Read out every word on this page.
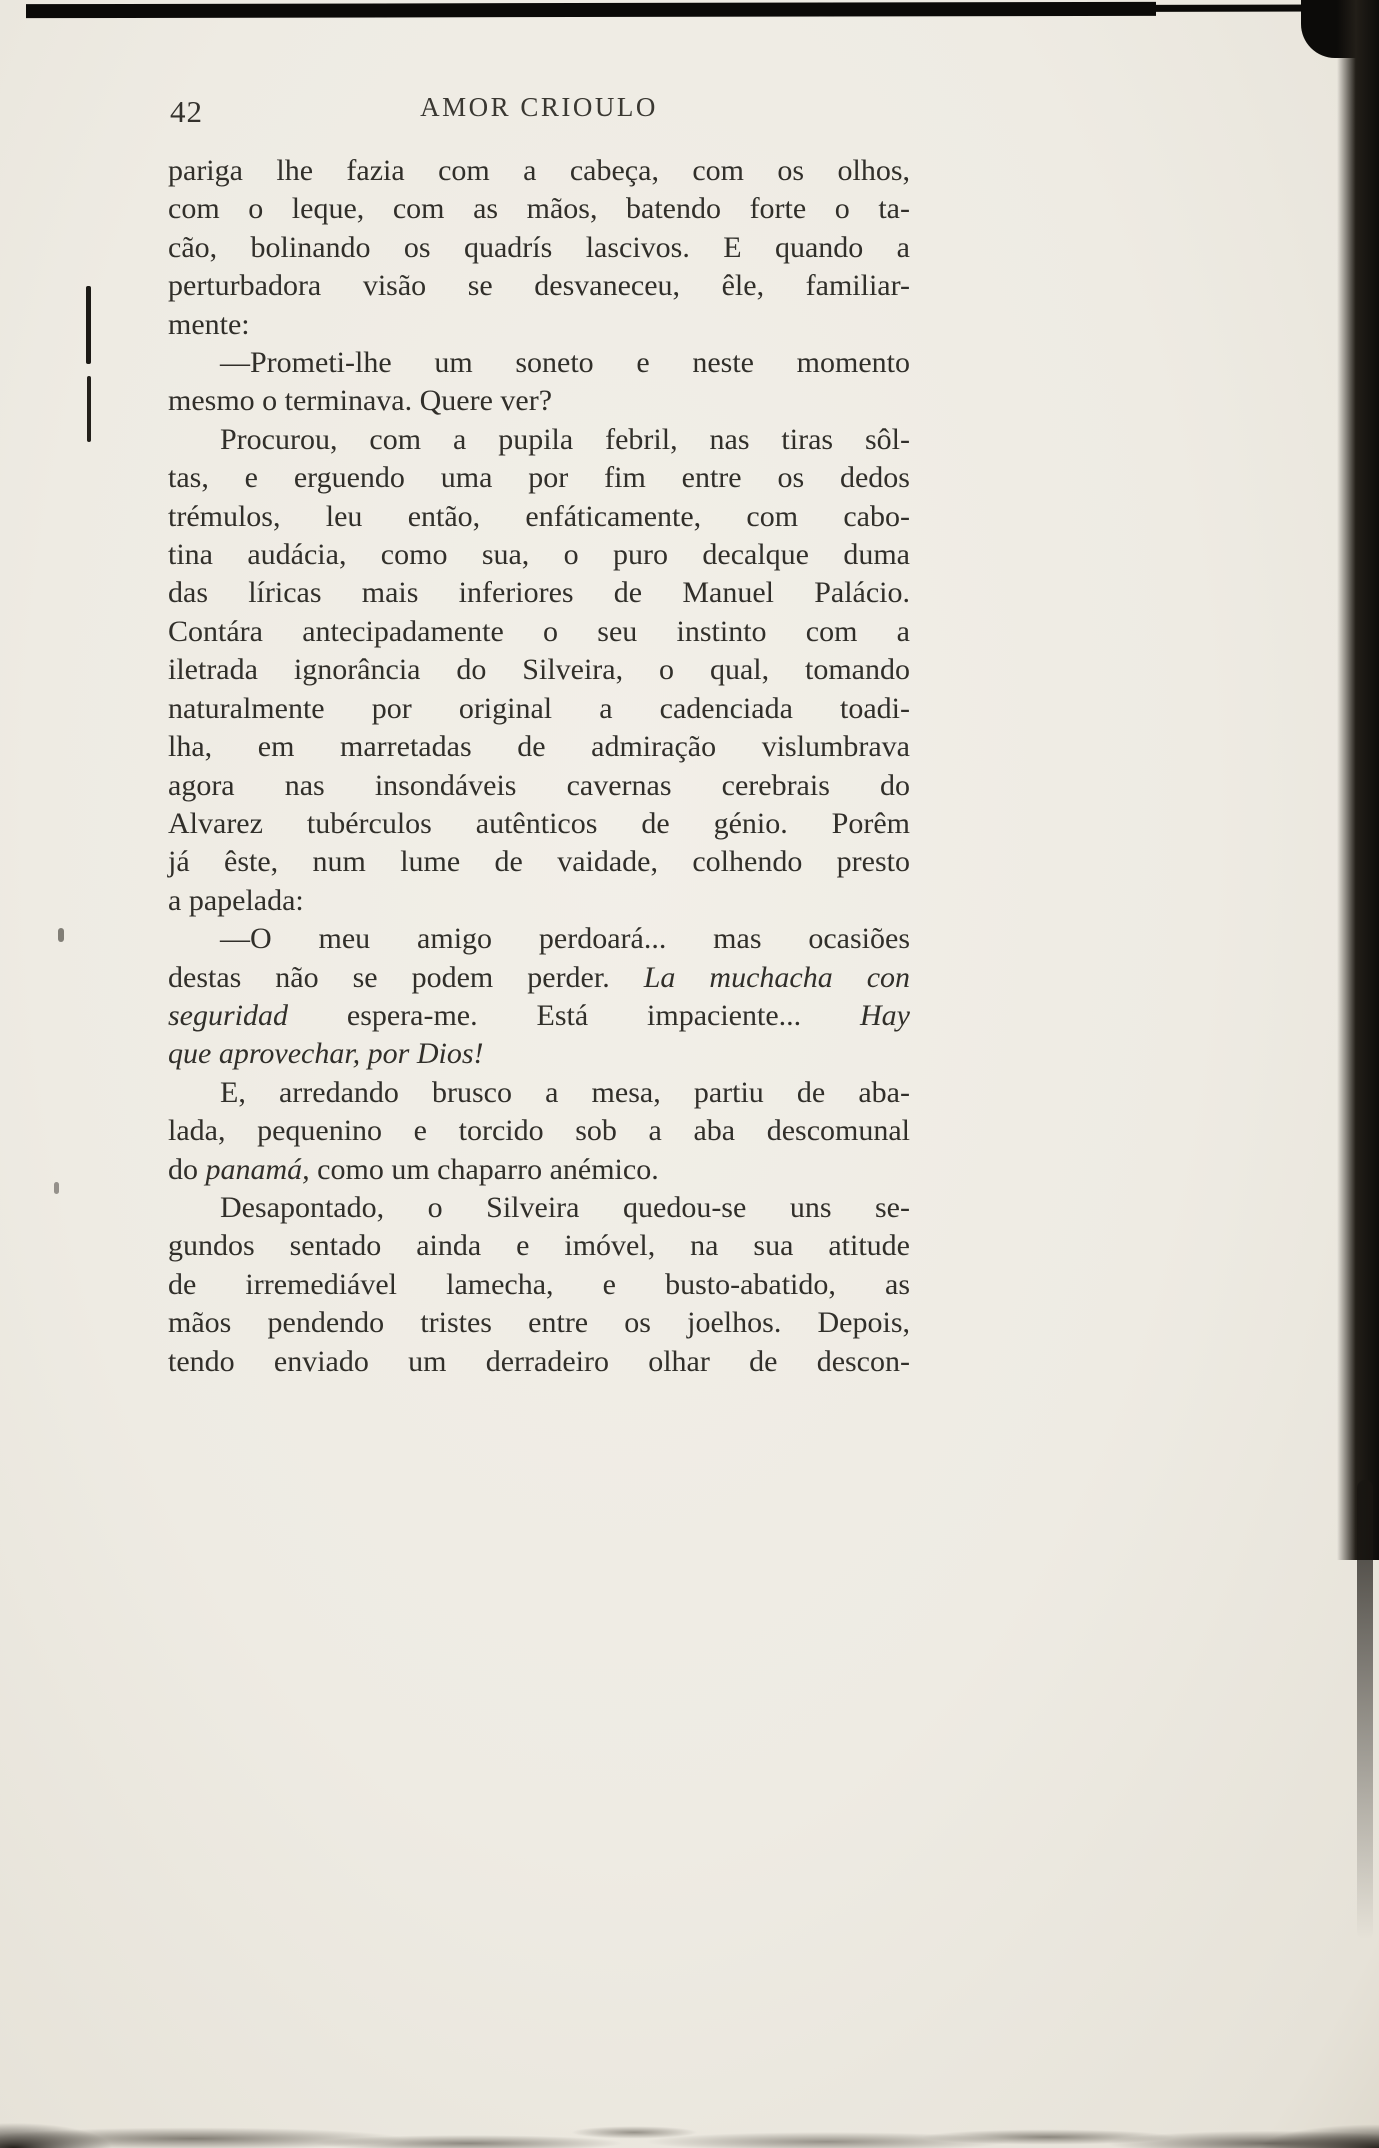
42	AMOR CRIOULO
pariga lhe fazia com a cabeça, com os olhos,
com o leque, com as mãos, batendo forte o ta-
cão, bolinando os quadrís lascivos. E quando a
perturbadora visão se desvaneceu, êle, familiar-
mente:
—Prometi-lhe um soneto e neste momento
mesmo o terminava. Quere ver?
Procurou, com a pupila febril, nas tiras sôl-
tas, e erguendo uma por fim entre os dedos
trémulos, leu então, enfáticamente, com cabo-
tina audácia, como sua, o puro decalque duma
das líricas mais inferiores de Manuel Palácio.
Contára antecipadamente o seu instinto com a
iletrada ignorância do Silveira, o qual, tomando
naturalmente por original a cadenciada toadi-
lha, em marretadas de admiração vislumbrava
agora nas insondáveis cavernas cerebrais do
Alvarez tubérculos autênticos de génio. Porêm
já êste, num lume de vaidade, colhendo presto
a papelada:
—O meu amigo perdoará... mas ocasiões
destas não se podem perder. La muchacha con
seguridad espera-me. Está impaciente... Hay
que aprovechar, por Dios!
E, arredando brusco a mesa, partiu de aba-
lada, pequenino e torcido sob a aba descomunal
do panamá, como um chaparro anémico.
Desapontado, o Silveira quedou-se uns se-
gundos sentado ainda e imóvel, na sua atitude
de irremediável lamecha, e busto-abatido, as
mãos pendendo tristes entre os joelhos. Depois,
tendo enviado um derradeiro olhar de descon-
